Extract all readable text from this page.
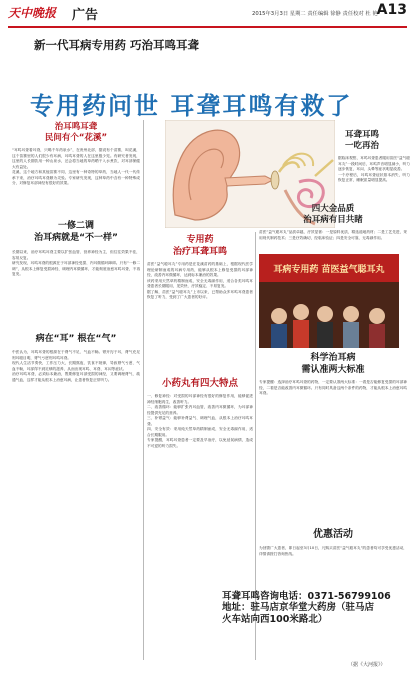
天中晚报 广告	2015年3月3日 星期二 责任编辑 徐静 责任校对 杜 艳 A13
新一代耳病专用药 巧治耳鸣耳聋
专用药问世 耳聋耳鸣有救了
治耳鸣耳聋
民间有个“花溪”
“耳鸣耳聋看耳聋，只喝千年药泉水”，在贵州北部，据说有个苗寨，叫花溪，这个苗寨里的人们很少有耳病，耳鸣耳聋的人在这里极少见。有研究者发现，这里的人长期饮用一种山泉水，还会将当地的草药晒干入水煮饮，对耳部保健大有益处。
花溪，这个地方和其他苗寨不同，这里有一种奇特的草药，当地人一代一代传承下来，治疗耳鸣耳聋颇为灵验。专家研究发现，这种草药中含有一种特殊成分，对修复耳部神经有很好的效果。
一修二调
治耳病就是“不一样”
长期以来，治疗耳鸣耳聋主要以扩张血管、营养神经为主，但往往效果不佳，容易反复。
研究发现，耳鸣耳聋的根源在于耳部神经受损、内耳微循环障碍。只有“一修二调”，从根本上修复受损神经、调理内耳微循环，才能彻底治愈耳鸣耳聋，不再复发。
病在“耳” 根在“气”
中医认为，耳鸣耳聋的根源在于肾气不足、气血不畅。肾开窍于耳，肾气充足则耳聪目明，肾气亏虚则耳鸣耳聋。
现代人生活节奏快，工作压力大，长期熬夜、饮食不规律，导致肾气亏虚、气血不畅，耳部得不到足够的滋养，从而出现耳鸣、耳聋、耳闷等症状。
治疗耳鸣耳聋，必须标本兼治，既要修复耳部受损的神经，又要调理肾气、疏通气血，这样才能从根本上治愈耳病，让患者恢复正常听力。
专用药
治疗耳聋耳鸣
苗医“益气聪耳丸”专用药是在花溪苗药的基础上，根据现代医学理论研制而成的耳病专用药，能够从根本上修复受损的耳部神经，改善内耳微循环，达到标本兼治的效果。
该药采用天然草药精制而成，安全无毒副作用，适合各类耳鸣耳聋患者长期服用，见效快、疗效稳定、不易复发。
据了解，苗医“益气聪耳丸”上市以来，已帮助众多耳鸣耳聋患者恢复了听力，受到了广大患者的好评。
小药丸有四大特点
一、修复神经：对受损的耳部神经有很好的修复作用，能够促进神经细胞再生，改善听力。
二、改善循环：能够扩张内耳血管，改善内耳微循环，为耳部神经提供充足的营养。
三、补肾益气：能够补肾益气、调理气血，从根本上治疗耳鸣耳聋。
四、安全有效：采用纯天然草药精制而成，安全无毒副作用，适合长期服用。
专家提醒，耳鸣耳聋患者一定要及早治疗，以免延误病情，造成不可逆的听力损失。
耳聋耳鸣
一吃再治
据临床观察，耳鸣耳聋患者服用苗医“益气聪耳丸”一段时间后，耳鸣声音明显减小，听力逐步恢复，耳闷、头晕等症状明显改善。
一个疗程后，耳鸣耳聋症状基本消失，听力恢复正常，睡眠质量明显提高。
四大金品质
治耳病有目共睹
苗医“益气聪耳丸”品质卓越，疗效显著：一是原料优质，精选道地药材；二是工艺先进，采用现代制药技术；三是疗效确切，经临床验证；四是安全可靠，无毒副作用。
耳病专用药 苗医益气聪耳丸
科学治耳病
需认准两大标准
专家提醒：选择治疗耳鸣耳聋的药物，一定要认准两大标准：一看是否能修复受损的耳部神经，二看是否能改善内耳微循环。只有同时具备这两个条件的药物，才能从根本上治愈耳鸣耳聋。
优惠活动
为回馈广大患者，即日起至3月10日，凡购买苗医“益气聪耳丸”的患者均可享受优惠活动，详情请拨打咨询热线。
耳聋耳鸣咨询电话：0371-56799106
地址：驻马店京华堂大药房（驻马店
火车站向西100米路北）
（据《大河报》）
